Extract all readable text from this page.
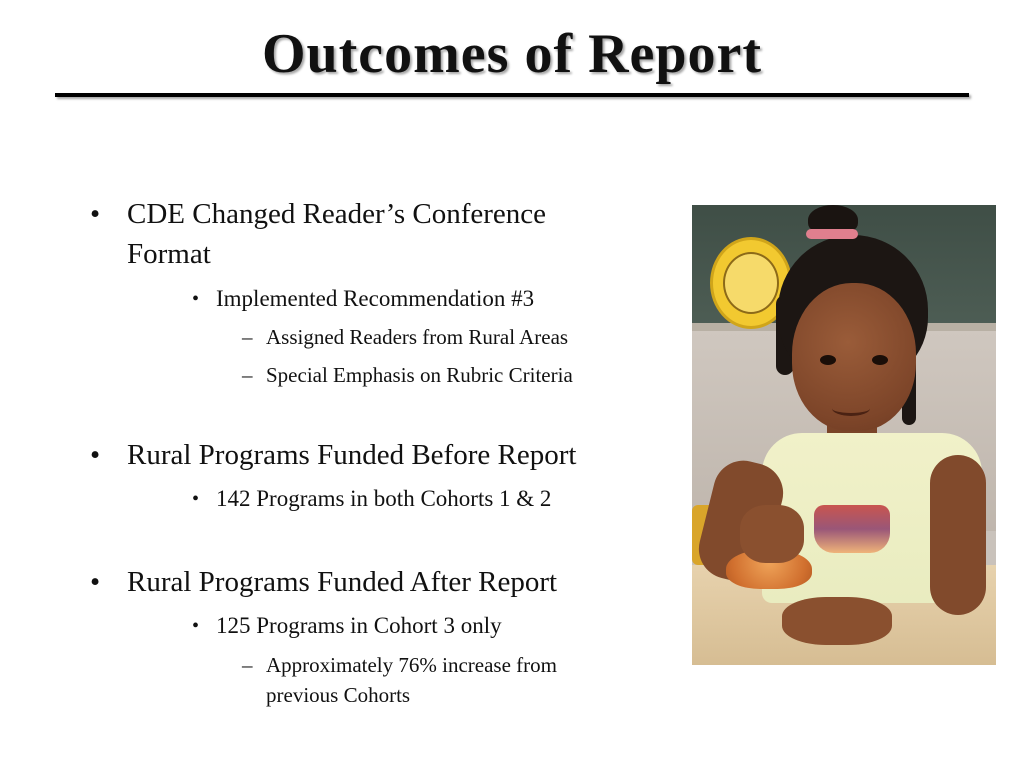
Outcomes of Report
• CDE Changed Reader’s Conference
Format
• Implemented Recommendation #3
– Assigned Readers from Rural Areas
– Special Emphasis on Rubric Criteria
• Rural Programs Funded Before Report
• 142 Programs in both Cohorts 1 & 2
• Rural Programs Funded After Report
• 125 Programs in Cohort 3 only
– Approximately 76% increase from
previous Cohorts
